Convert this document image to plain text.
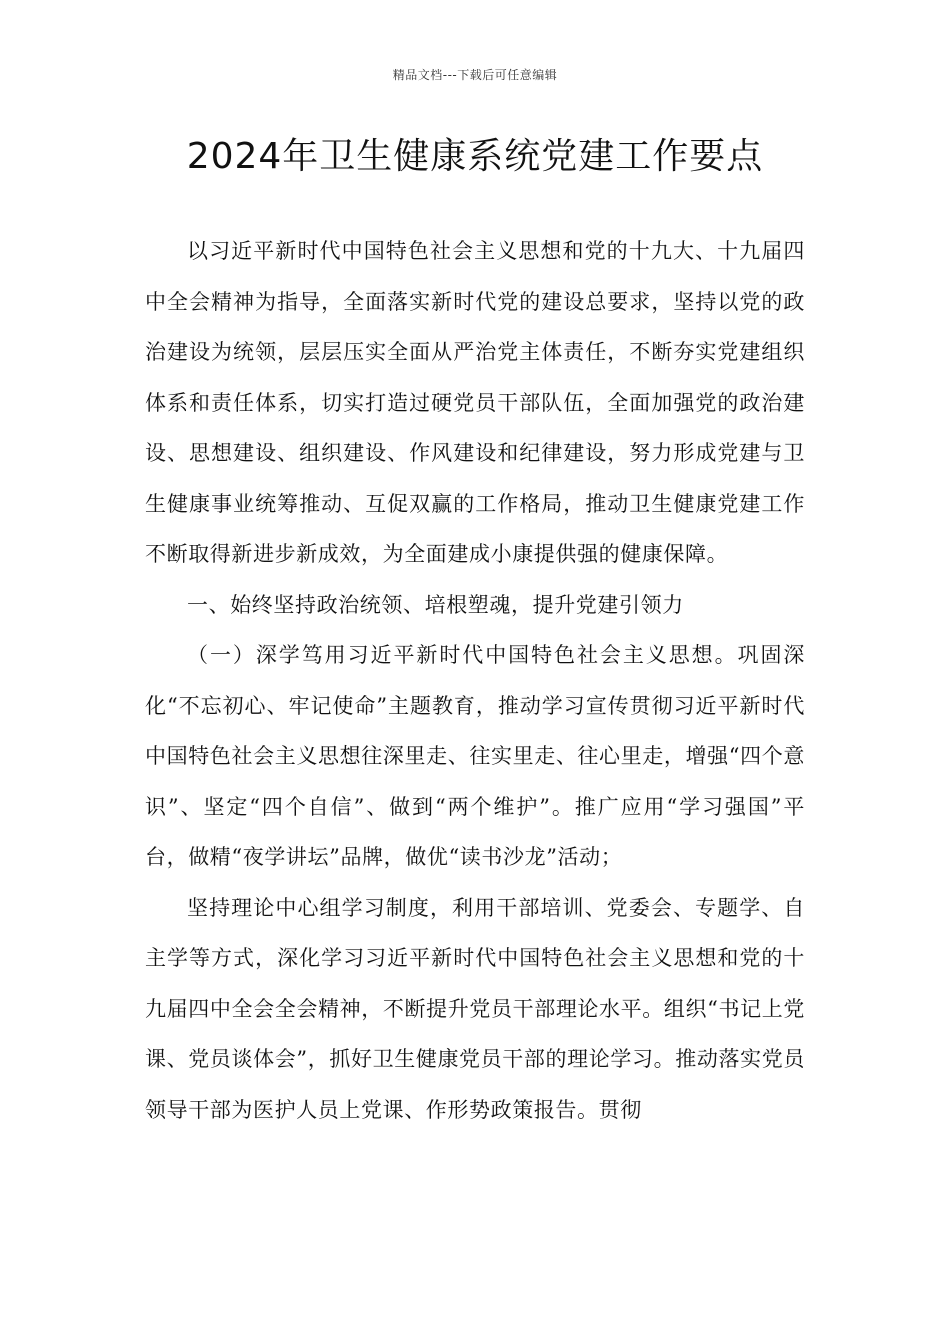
精品文档---下载后可任意编辑
2024年卫生健康系统党建工作要点

以习近平新时代中国特色社会主义思想和党的十九大、十九届四中全会精神为指导，全面落实新时代党的建设总要求，坚持以党的政治建设为统领，层层压实全面从严治党主体责任，不断夯实党建组织体系和责任体系，切实打造过硬党员干部队伍，全面加强党的政治建设、思想建设、组织建设、作风建设和纪律建设，努力形成党建与卫生健康事业统筹推动、互促双赢的工作格局，推动卫生健康党建工作不断取得新进步新成效，为全面建成小康提供强的健康保障。

一、始终坚持政治统领、培根塑魂，提升党建引领力

（一）深学笃用习近平新时代中国特色社会主义思想。巩固深化“不忘初心、牢记使命”主题教育，推动学习宣传贯彻习近平新时代中国特色社会主义思想往深里走、往实里走、往心里走，增强“四个意识”、坚定“四个自信”、做到“两个维护”。推广应用“学习强国”平台，做精“夜学讲坛”品牌，做优“读书沙龙”活动；

坚持理论中心组学习制度，利用干部培训、党委会、专题学、自主学等方式，深化学习习近平新时代中国特色社会主义思想和党的十九届四中全会全会精神，不断提升党员干部理论水平。组织“书记上党课、党员谈体会”，抓好卫生健康党员干部的理论学习。推动落实党员领导干部为医护人员上党课、作形势政策报告。贯彻
